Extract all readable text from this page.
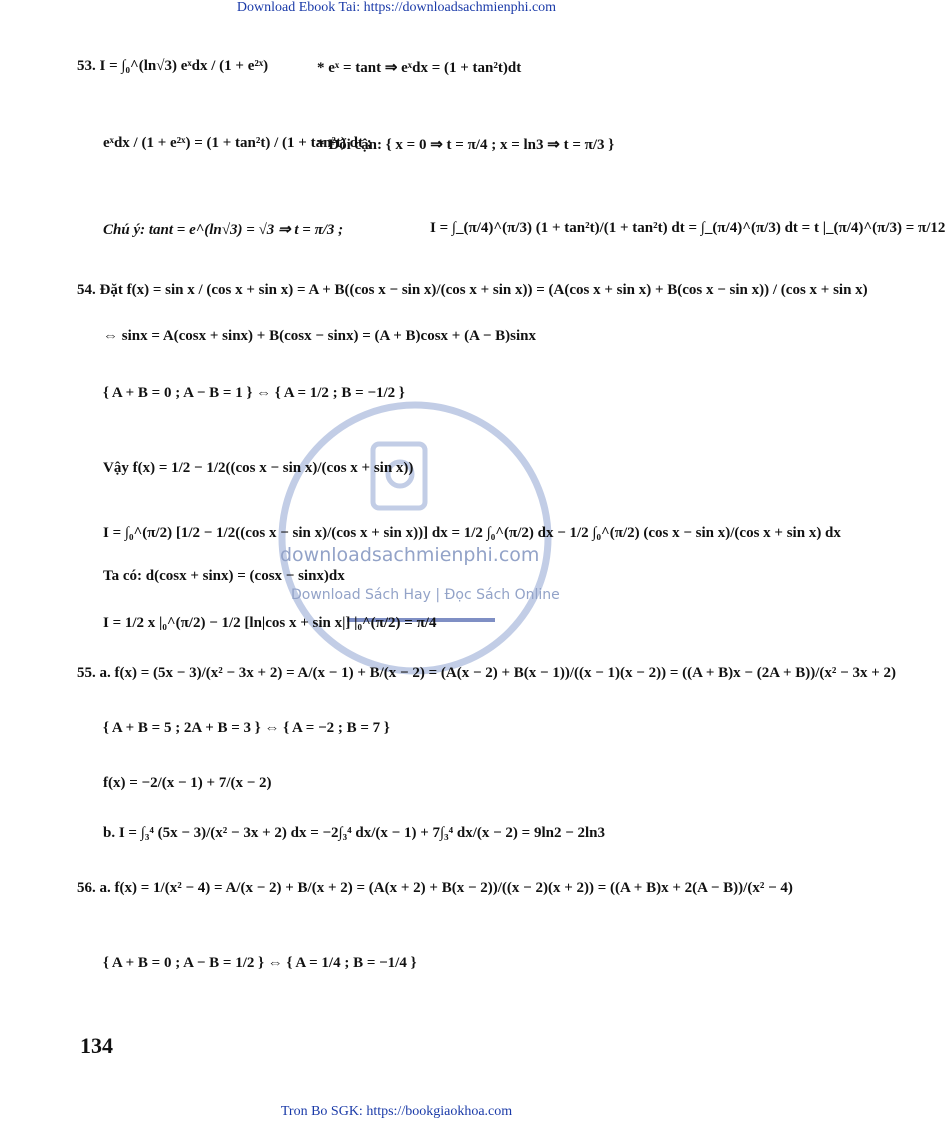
Download Ebook Tai: https://downloadsachmienphi.com
53. I = ∫₀^(ln√3) eˣdx / (1 + e²ˣ)	* eˣ = tant ⇒ eˣdx = (1 + tan²t)dt
eˣdx / (1 + e²ˣ) = (1 + tan²t) / (1 + tan²t) dt ;
* Đổi cận: { x = 0 ⇒ t = π/4 ; x = ln3 ⇒ t = π/3 }
Chú ý: tant = e^(ln√3) = √3 ⇒ t = π/3 ;	I = ∫_(π/4)^(π/3) (1 + tan²t)/(1 + tan²t) dt = ∫_(π/4)^(π/3) dt = t |_(π/4)^(π/3) = π/12
54. Đặt f(x) = sin x / (cos x + sin x) = A + B((cos x − sin x)/(cos x + sin x)) = (A(cos x + sin x) + B(cos x − sin x)) / (cos x + sin x)
⇔ sinx = A(cosx + sinx) + B(cosx − sinx) = (A + B)cosx + (A − B)sinx
{ A + B = 0 ; A − B = 1 } ⇔ { A = 1/2 ; B = −1/2 }
Vậy f(x) = 1/2 − 1/2((cos x − sin x)/(cos x + sin x))
I = ∫₀^(π/2) [1/2 − 1/2((cos x − sin x)/(cos x + sin x))] dx = 1/2 ∫₀^(π/2) dx − 1/2 ∫₀^(π/2) (cos x − sin x)/(cos x + sin x) dx
Ta có: d(cosx + sinx) = (cosx − sinx)dx
I = 1/2 x |₀^(π/2) − 1/2 [ln|cos x + sin x|] |₀^(π/2) = π/4
55. a. f(x) = (5x − 3)/(x² − 3x + 2) = A/(x − 1) + B/(x − 2) = (A(x − 2) + B(x − 1))/((x − 1)(x − 2)) = ((A + B)x − (2A + B))/(x² − 3x + 2)
{ A + B = 5 ; 2A + B = 3 } ⇔ { A = −2 ; B = 7 }
f(x) = −2/(x − 1) + 7/(x − 2)
b. I = ∫₃⁴ (5x − 3)/(x² − 3x + 2) dx = −2∫₃⁴ dx/(x − 1) + 7∫₃⁴ dx/(x − 2) = 9ln2 − 2ln3
56. a. f(x) = 1/(x² − 4) = A/(x − 2) + B/(x + 2) = (A(x + 2) + B(x − 2))/((x − 2)(x + 2)) = ((A + B)x + 2(A − B))/(x² − 4)
{ A + B = 0 ; A − B = 1/2 } ⇔ { A = 1/4 ; B = −1/4 }
downloadsachmienphi.com
Download Sách Hay | Đọc Sách Online
134
Tron Bo SGK: https://bookgiaokhoa.com
